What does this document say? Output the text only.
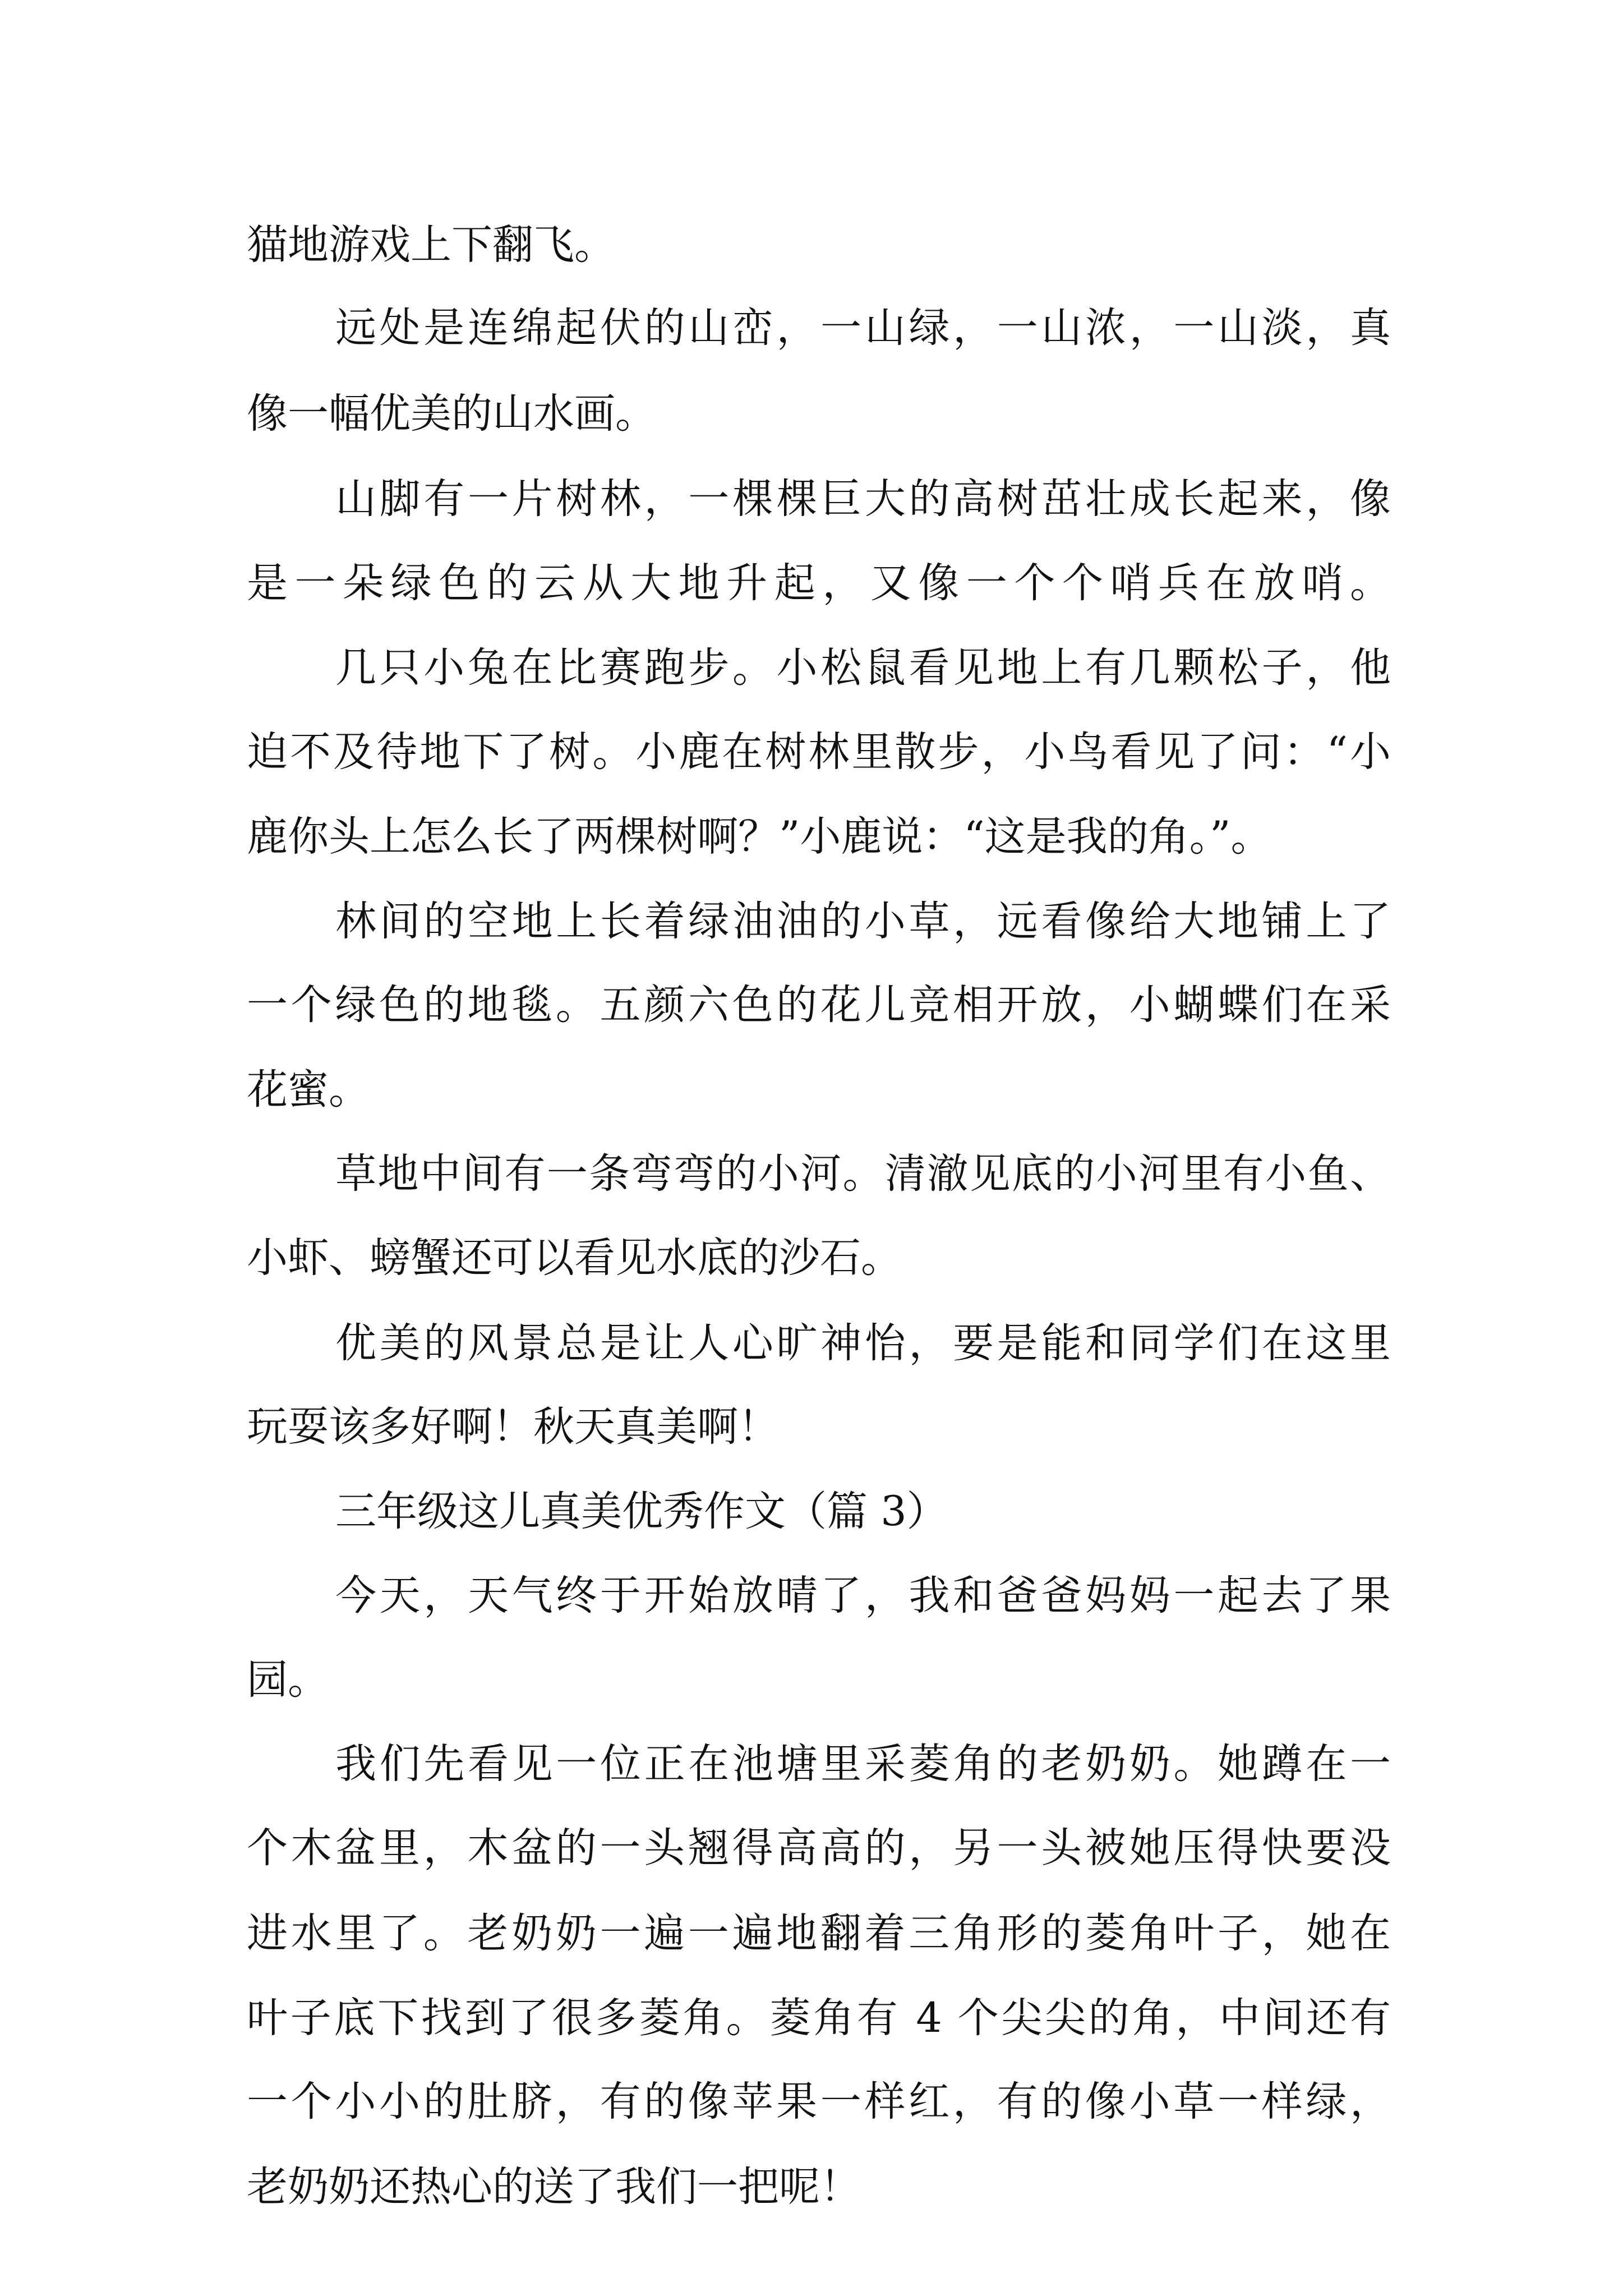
猫地游戏上下翻飞。

远处是连绵起伏的山峦，一山绿，一山浓，一山淡，真

像一幅优美的山水画。

山脚有一片树林，一棵棵巨大的高树茁壮成长起来，像

是一朵绿色的云从大地升起，又像一个个哨兵在放哨。

几只小兔在比赛跑步。小松鼠看见地上有几颗松子，他

迫不及待地下了树。小鹿在树林里散步，小鸟看见了问：“小

鹿你头上怎么长了两棵树啊？”小鹿说：“这是我的角。”。

林间的空地上长着绿油油的小草，远看像给大地铺上了

一个绿色的地毯。五颜六色的花儿竞相开放，小蝴蝶们在采

花蜜。

草地中间有一条弯弯的小河。清澈见底的小河里有小鱼、

小虾、螃蟹还可以看见水底的沙石。

优美的风景总是让人心旷神怡，要是能和同学们在这里

玩耍该多好啊！秋天真美啊！

三年级这儿真美优秀作文（篇 3）

今天，天气终于开始放晴了，我和爸爸妈妈一起去了果

园。

我们先看见一位正在池塘里采菱角的老奶奶。她蹲在一

个木盆里，木盆的一头翘得高高的，另一头被她压得快要没

进水里了。老奶奶一遍一遍地翻着三角形的菱角叶子，她在

叶子底下找到了很多菱角。菱角有 4 个尖尖的角，中间还有

一个小小的肚脐，有的像苹果一样红，有的像小草一样绿，

老奶奶还热心的送了我们一把呢！
